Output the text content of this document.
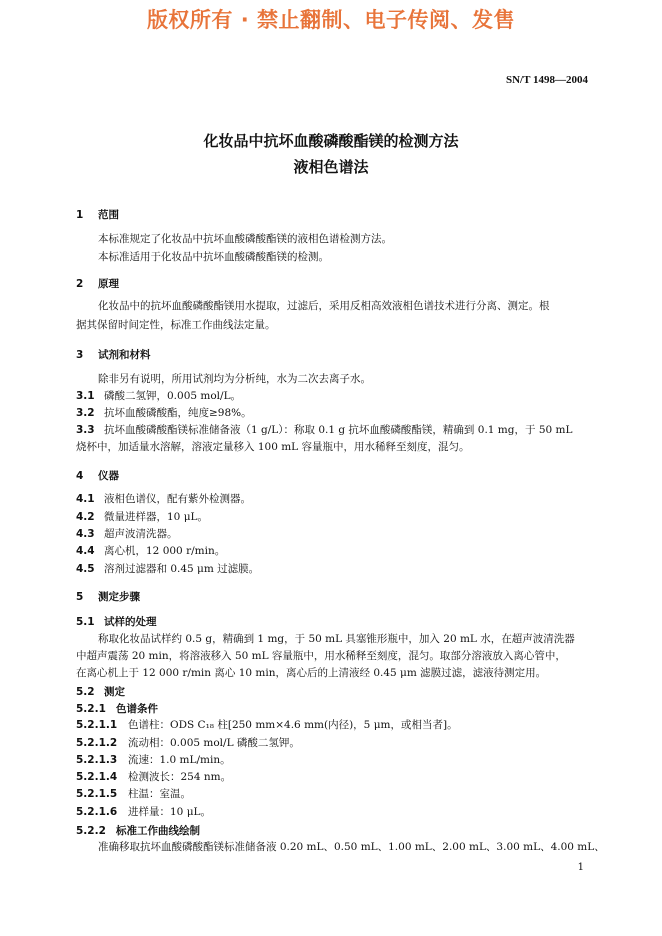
版权所有 · 禁止翻制、电子传阅、发售
SN/T 1498—2004
化妆品中抗坏血酸磷酸酯镁的检测方法
液相色谱法
1 范围
本标准规定了化妆品中抗坏血酸磷酸酯镁的液相色谱检测方法。
本标准适用于化妆品中抗坏血酸磷酸酯镁的检测。
2 原理
化妆品中的抗坏血酸磷酸酯镁用水提取，过滤后，采用反相高效液相色谱技术进行分离、测定。根
据其保留时间定性，标准工作曲线法定量。
3 试剂和材料
除非另有说明，所用试剂均为分析纯，水为二次去离子水。
3.1 磷酸二氢钾，0.005 mol/L。
3.2 抗坏血酸磷酸酯，纯度≥98%。
3.3 抗坏血酸磷酸酯镁标准储备液（1 g/L）：称取 0.1 g 抗坏血酸磷酸酯镁，精确到 0.1 mg，于 50 mL
烧杯中，加适量水溶解，溶液定量移入 100 mL 容量瓶中，用水稀释至刻度，混匀。
4 仪器
4.1 液相色谱仪，配有紫外检测器。
4.2 微量进样器，10 μL。
4.3 超声波清洗器。
4.4 离心机，12 000 r/min。
4.5 溶剂过滤器和 0.45 μm 过滤膜。
5 测定步骤
5.1 试样的处理
称取化妆品试样约 0.5 g，精确到 1 mg，于 50 mL 具塞锥形瓶中，加入 20 mL 水，在超声波清洗器
中超声震荡 20 min，将溶液移入 50 mL 容量瓶中，用水稀释至刻度，混匀。取部分溶液放入离心管中，
在离心机上于 12 000 r/min 离心 10 min，离心后的上清液经 0.45 μm 滤膜过滤，滤液待测定用。
5.2 测定
5.2.1 色谱条件
5.2.1.1 色谱柱：ODS C₁₈ 柱[250 mm×4.6 mm(内径)，5 μm，或相当者]。
5.2.1.2 流动相：0.005 mol/L 磷酸二氢钾。
5.2.1.3 流速：1.0 mL/min。
5.2.1.4 检测波长：254 nm。
5.2.1.5 柱温：室温。
5.2.1.6 进样量：10 μL。
5.2.2 标准工作曲线绘制
准确移取抗坏血酸磷酸酯镁标准储备液 0.20 mL、0.50 mL、1.00 mL、2.00 mL、3.00 mL、4.00 mL、
1
